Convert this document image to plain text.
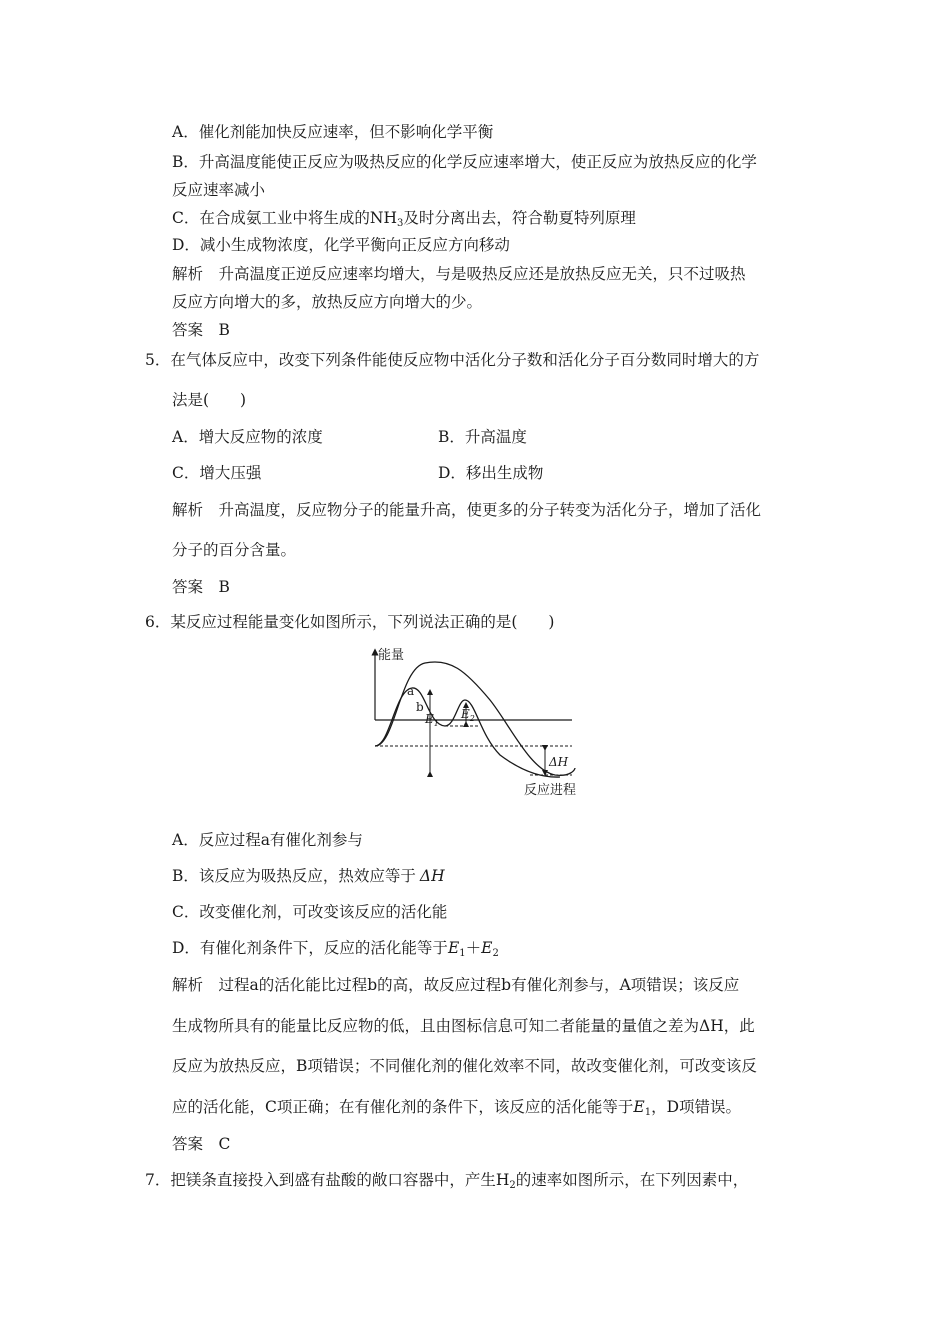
A．催化剂能加快反应速率，但不影响化学平衡
B．升高温度能使正反应为吸热反应的化学反应速率增大，使正反应为放热反应的化学
反应速率减小
C．在合成氨工业中将生成的$NH_3$及时分离出去，符合勒夏特列原理
D．减小生成物浓度，化学平衡向正反应方向移动
解析　升高温度正逆反应速率均增大，与是吸热反应还是放热反应无关，只不过吸热
反应方向增大的多，放热反应方向增大的少。
答案　B
5．在气体反应中，改变下列条件能使反应物中活化分子数和活化分子百分数同时增大的方
法是(　　)
A．增大反应物的浓度	B．升高温度
C．增大压强	D．移出生成物
解析　升高温度，反应物分子的能量升高，使更多的分子转变为活化分子，增加了活化
分子的百分含量。
答案　B
6．某反应过程能量变化如图所示，下列说法正确的是(　　)
能量
反应进程
a
b
$E_1$
$E_2$
ΔH
A．反应过程a有催化剂参与
B．该反应为吸热反应，热效应等于 ΔH
C．改变催化剂，可改变该反应的活化能
D．有催化剂条件下，反应的活化能等于$E_1+E_2$
解析　过程a的活化能比过程b的高，故反应过程b有催化剂参与，A项错误；该反应
生成物所具有的能量比反应物的低，且由图标信息可知二者能量的量值之差为ΔH，此
反应为放热反应，B项错误；不同催化剂的催化效率不同，故改变催化剂，可改变该反
应的活化能，C项正确；在有催化剂的条件下，该反应的活化能等于$E_1$，D项错误。
答案　C
7．把镁条直接投入到盛有盐酸的敞口容器中，产生$H_2$的速率如图所示，在下列因素中，
